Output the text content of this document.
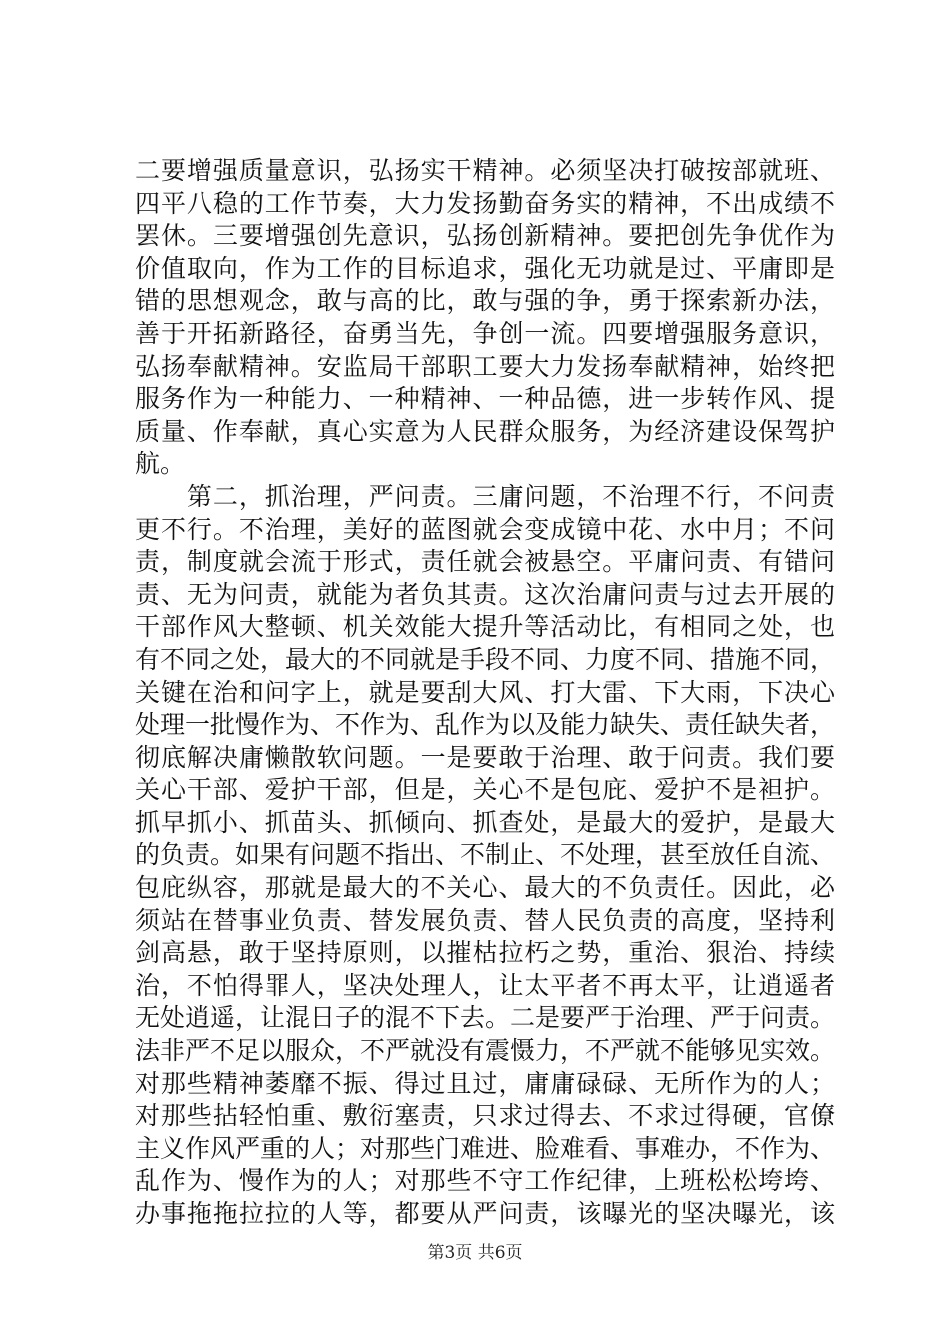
二要增强质量意识，弘扬实干精神。必须坚决打破按部就班、
四平八稳的工作节奏，大力发扬勤奋务实的精神，不出成绩不
罢休。三要增强创先意识，弘扬创新精神。要把创先争优作为
价值取向，作为工作的目标追求，强化无功就是过、平庸即是
错的思想观念，敢与高的比，敢与强的争，勇于探索新办法，
善于开拓新路径，奋勇当先，争创一流。四要增强服务意识，
弘扬奉献精神。安监局干部职工要大力发扬奉献精神，始终把
服务作为一种能力、一种精神、一种品德，进一步转作风、提
质量、作奉献，真心实意为人民群众服务，为经济建设保驾护
航。
　　第二，抓治理，严问责。三庸问题，不治理不行，不问责
更不行。不治理，美好的蓝图就会变成镜中花、水中月；不问
责，制度就会流于形式，责任就会被悬空。平庸问责、有错问
责、无为问责，就能为者负其责。这次治庸问责与过去开展的
干部作风大整顿、机关效能大提升等活动比，有相同之处，也
有不同之处，最大的不同就是手段不同、力度不同、措施不同，
关键在治和问字上，就是要刮大风、打大雷、下大雨，下决心
处理一批慢作为、不作为、乱作为以及能力缺失、责任缺失者，
彻底解决庸懒散软问题。一是要敢于治理、敢于问责。我们要
关心干部、爱护干部，但是，关心不是包庇、爱护不是袒护。
抓早抓小、抓苗头、抓倾向、抓查处，是最大的爱护，是最大
的负责。如果有问题不指出、不制止、不处理，甚至放任自流、
包庇纵容，那就是最大的不关心、最大的不负责任。因此，必
须站在替事业负责、替发展负责、替人民负责的高度，坚持利
剑高悬，敢于坚持原则，以摧枯拉朽之势，重治、狠治、持续
治，不怕得罪人，坚决处理人，让太平者不再太平，让逍遥者
无处逍遥，让混日子的混不下去。二是要严于治理、严于问责。
法非严不足以服众，不严就没有震慑力，不严就不能够见实效。
对那些精神萎靡不振、得过且过，庸庸碌碌、无所作为的人；
对那些拈轻怕重、敷衍塞责，只求过得去、不求过得硬，官僚
主义作风严重的人；对那些门难进、脸难看、事难办，不作为、
乱作为、慢作为的人；对那些不守工作纪律，上班松松垮垮、
办事拖拖拉拉的人等，都要从严问责，该曝光的坚决曝光，该
第3页 共6页
